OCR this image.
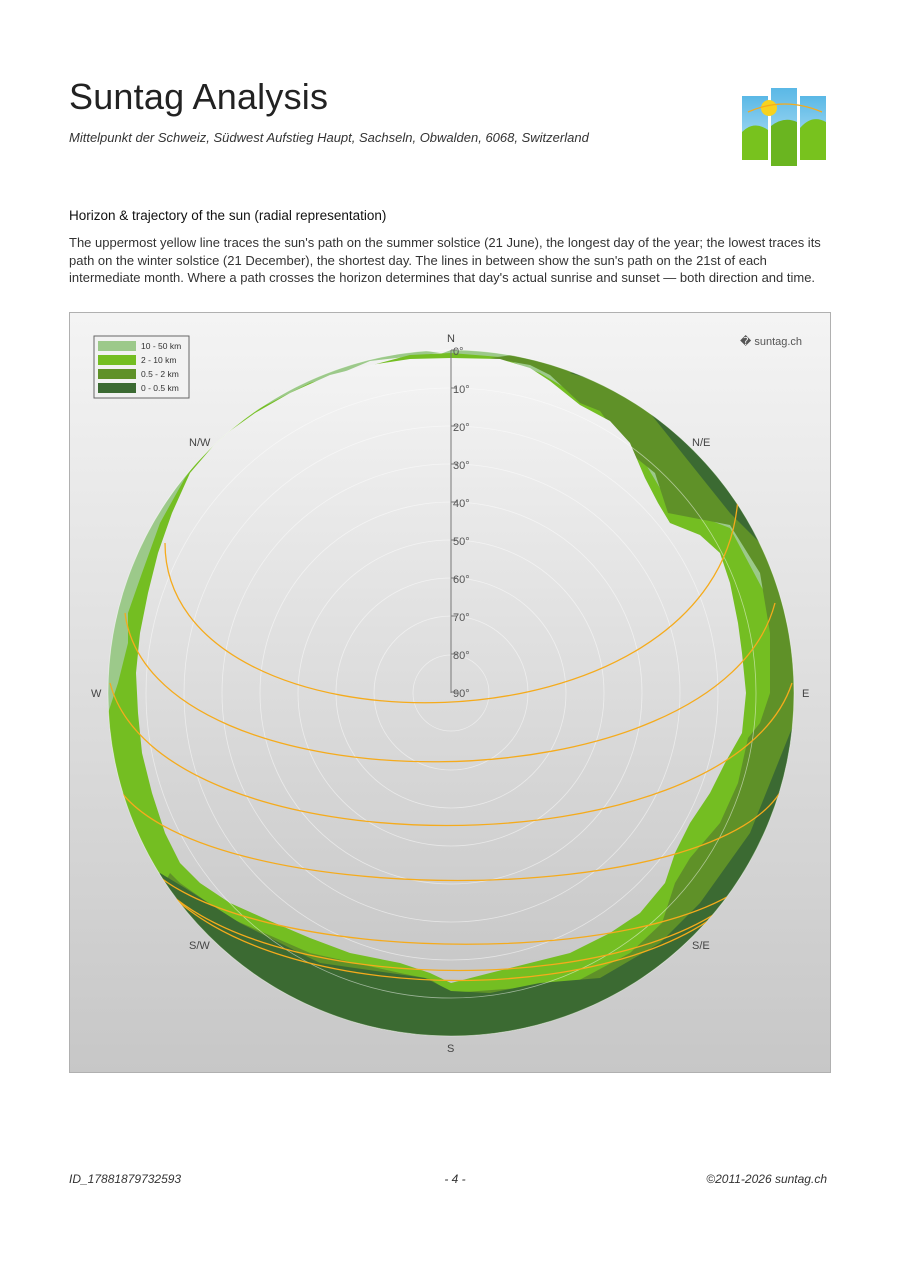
Suntag Analysis
Mittelpunkt der Schweiz, Südwest Aufstieg Haupt, Sachseln, Obwalden, 6068, Switzerland
Horizon & trajectory of the sun (radial representation)

The uppermost yellow line traces the sun's path on the summer solstice (21 June), the longest day of the year; the lowest traces its path on the winter solstice (21 December), the shortest day. The lines in between show the sun's path on the 21st of each intermediate month. Where a path crosses the horizon determines that day's actual sunrise and sunset — both direction and time.

0°
10°
20°
30°
40°
50°
60°
70°
80°
90°
N
N/E
E
S/E
S
S/W
W
N/W
� suntag.ch
10 - 50 km
2 - 10 km
0.5 - 2 km
0 - 0.5 km
ID_17881879732593	- 4 -	©2011-2026 suntag.ch
